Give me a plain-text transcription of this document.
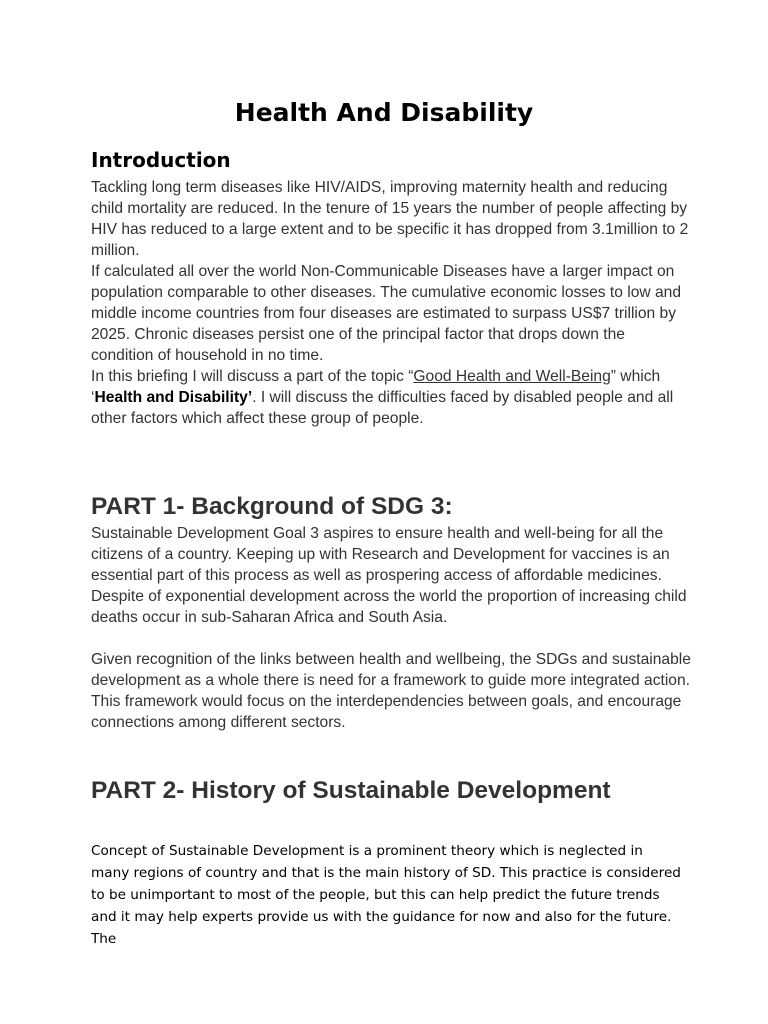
Health And Disability
Introduction

Tackling long term diseases like HIV/AIDS, improving maternity health and reducing child mortality are reduced. In the tenure of 15 years the number of people affecting by HIV has reduced to a large extent and to be specific it has dropped from 3.1million to 2 million.

If calculated all over the world Non-Communicable Diseases have a larger impact on population comparable to other diseases. The cumulative economic losses to low and middle income countries from four diseases are estimated to surpass US$7 trillion by 2025. Chronic diseases persist one of the principal factor that drops down the condition of household in no time.

In this briefing I will discuss a part of the topic “Good Health and Well-Being” which ‘Health and Disability’. I will discuss the difficulties faced by disabled people and all other factors which affect these group of people.

PART 1- Background of SDG 3:

Sustainable Development Goal 3 aspires to ensure health and well-being for all the citizens of a country. Keeping up with Research and Development for vaccines is an essential part of this process as well as prospering access of affordable medicines. Despite of exponential development across the world the proportion of increasing child deaths occur in sub-Saharan Africa and South Asia.

Given recognition of the links between health and wellbeing, the SDGs and sustainable development as a whole there is need for a framework to guide more integrated action. This framework would focus on the interdependencies between goals, and encourage connections among different sectors.

PART 2- History of Sustainable Development

Concept of Sustainable Development is a prominent theory which is neglected in many regions of country and that is the main history of SD. This practice is considered to be unimportant to most of the people, but this can help predict the future trends and it may help experts provide us with the guidance for now and also for the future. The
